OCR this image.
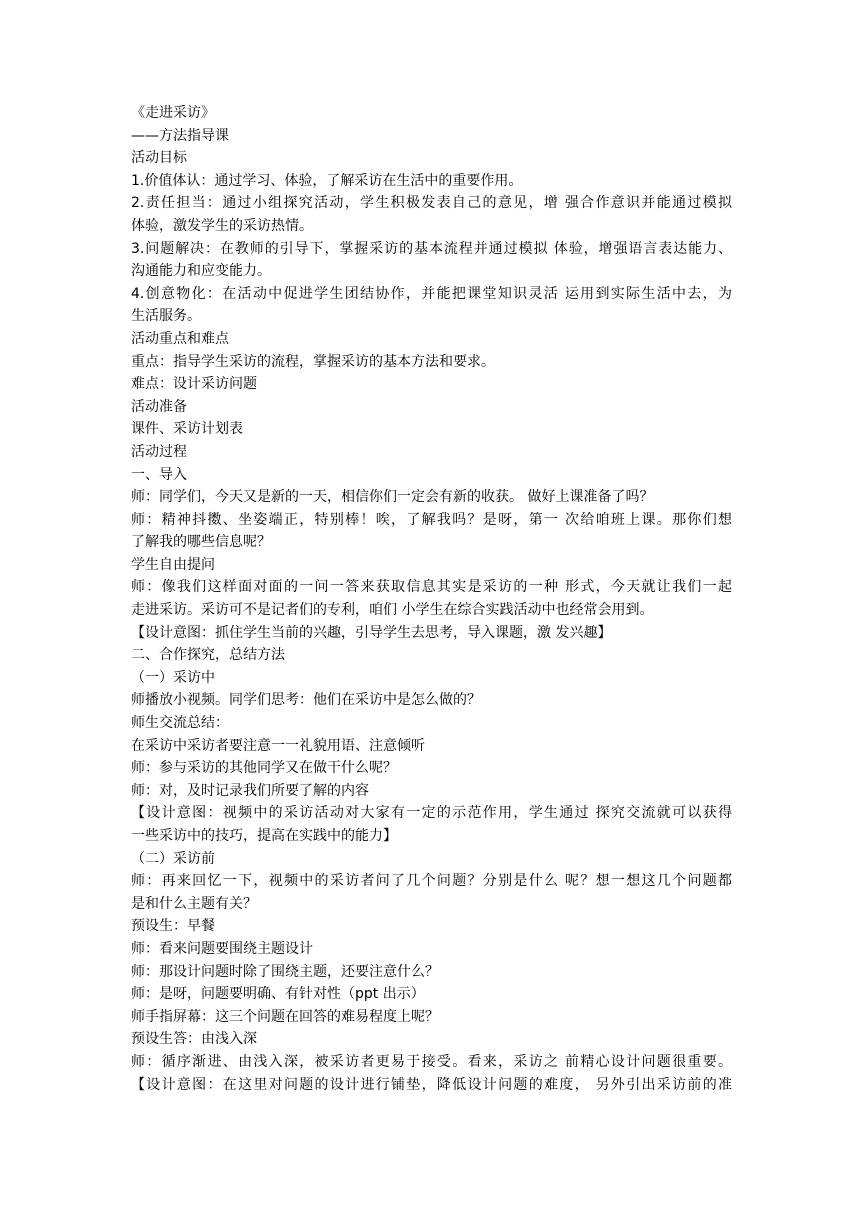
《走进采访》
——方法指导课
活动目标
1.价值体认：通过学习、体验，了解采访在生活中的重要作用。
2.责任担当：通过小组探究活动，学生积极发表自己的意见，增 强合作意识并能通过模拟
体验，激发学生的采访热情。
3.问题解决：在教师的引导下，掌握采访的基本流程并通过模拟 体验，增强语言表达能力、
沟通能力和应变能力。
4.创意物化：在活动中促进学生团结协作，并能把课堂知识灵活 运用到实际生活中去，为
生活服务。
活动重点和难点
重点：指导学生采访的流程，掌握采访的基本方法和要求。
难点：设计采访问题
活动准备
课件、采访计划表
活动过程
一、导入
师：同学们，今天又是新的一天，相信你们一定会有新的收获。 做好上课准备了吗？
师：精神抖擞、坐姿端正，特别棒！唉，了解我吗？是呀，第一 次给咱班上课。那你们想
了解我的哪些信息呢？
学生自由提问
师：像我们这样面对面的一问一答来获取信息其实是采访的一种 形式，今天就让我们一起
走进采访。采访可不是记者们的专利，咱们 小学生在综合实践活动中也经常会用到。
【设计意图：抓住学生当前的兴趣，引导学生去思考，导入课题，激 发兴趣】
二、合作探究，总结方法
（一）采访中
师播放小视频。同学们思考：他们在采访中是怎么做的？
师生交流总结：
在采访中采访者要注意一一礼貌用语、注意倾听
师：参与采访的其他同学又在做干什么呢？
师：对，及时记录我们所要了解的内容
【设计意图：视频中的采访活动对大家有一定的示范作用，学生通过 探究交流就可以获得
一些采访中的技巧，提高在实践中的能力】
（二）采访前
师：再来回忆一下，视频中的采访者问了几个问题？分别是什么 呢？想一想这几个问题都
是和什么主题有关？
预设生：早餐
师：看来问题要围绕主题设计
师：那设计问题时除了围绕主题，还要注意什么？
师：是呀，问题要明确、有针对性（ppt 出示）
师手指屏幕：这三个问题在回答的难易程度上呢？
预设生答：由浅入深
师：循序渐进、由浅入深，被采访者更易于接受。看来，采访之 前精心设计问题很重要。
【设计意图：在这里对问题的设计进行铺垫，降低设计问题的难度， 另外引出采访前的准
